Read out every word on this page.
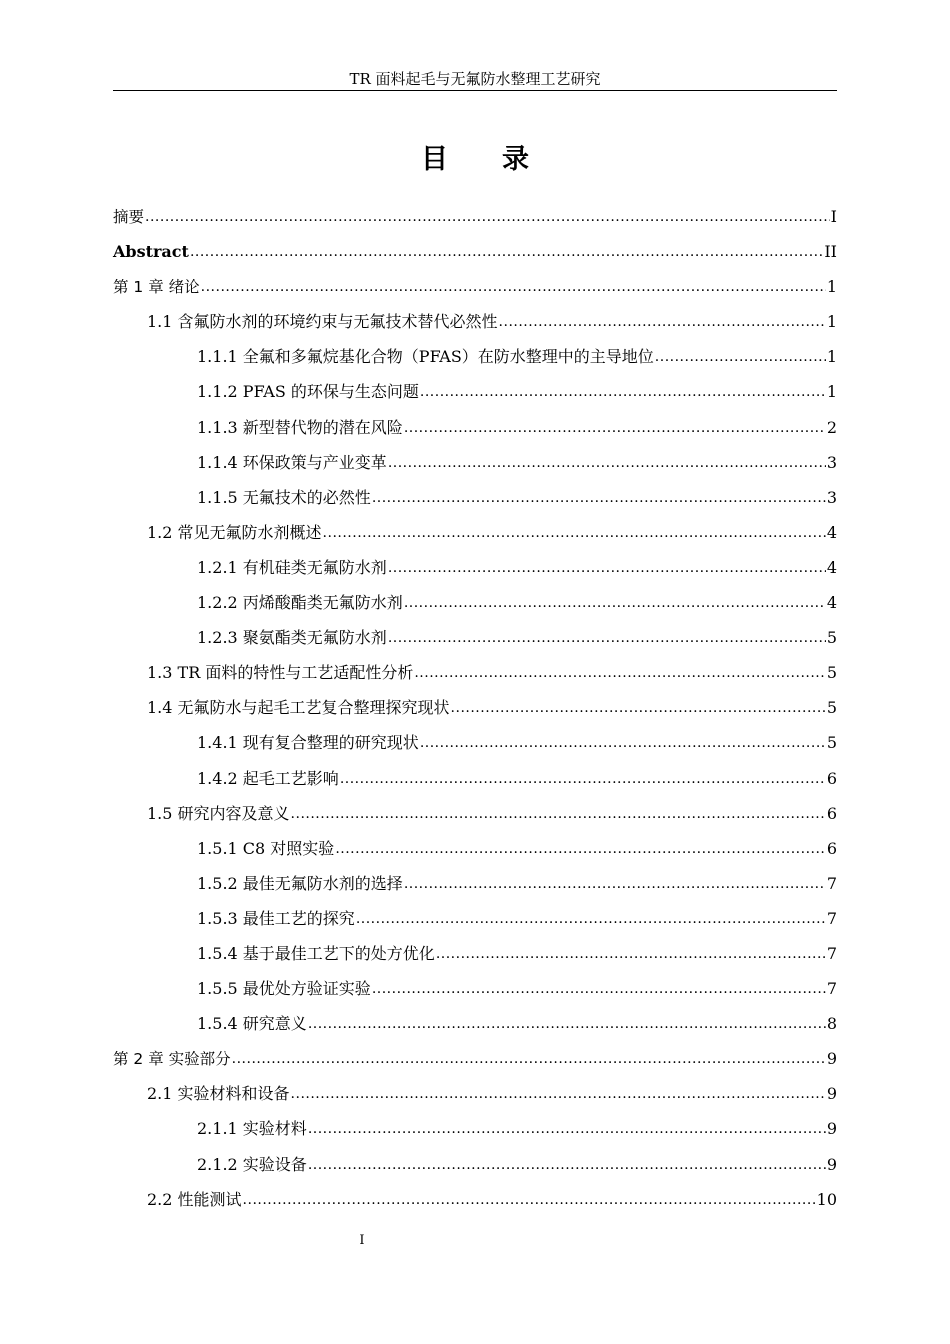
TR 面料起毛与无氟防水整理工艺研究
目　　录
摘要 .....	I
Abstract .....	II
第 1 章 绪论 .....	1
1.1 含氟防水剂的环境约束与无氟技术替代必然性 .....	1
1.1.1 全氟和多氟烷基化合物（PFAS）在防水整理中的主导地位 .....	1
1.1.2 PFAS 的环保与生态问题 .....	1
1.1.3 新型替代物的潜在风险 .....	2
1.1.4 环保政策与产业变革 .....	3
1.1.5 无氟技术的必然性 .....	3
1.2 常见无氟防水剂概述 .....	4
1.2.1 有机硅类无氟防水剂 .....	4
1.2.2 丙烯酸酯类无氟防水剂 .....	4
1.2.3 聚氨酯类无氟防水剂 .....	5
1.3 TR 面料的特性与工艺适配性分析 .....	5
1.4 无氟防水与起毛工艺复合整理探究现状 .....	5
1.4.1 现有复合整理的研究现状 .....	5
1.4.2 起毛工艺影响 .....	6
1.5 研究内容及意义 .....	6
1.5.1 C8 对照实验 .....	6
1.5.2 最佳无氟防水剂的选择 .....	7
1.5.3 最佳工艺的探究 .....	7
1.5.4 基于最佳工艺下的处方优化 .....	7
1.5.5 最优处方验证实验 .....	7
1.5.4 研究意义 .....	8
第 2 章 实验部分 .....	9
2.1 实验材料和设备 .....	9
2.1.1 实验材料 .....	9
2.1.2 实验设备 .....	9
2.2 性能测试 .....	10
I
